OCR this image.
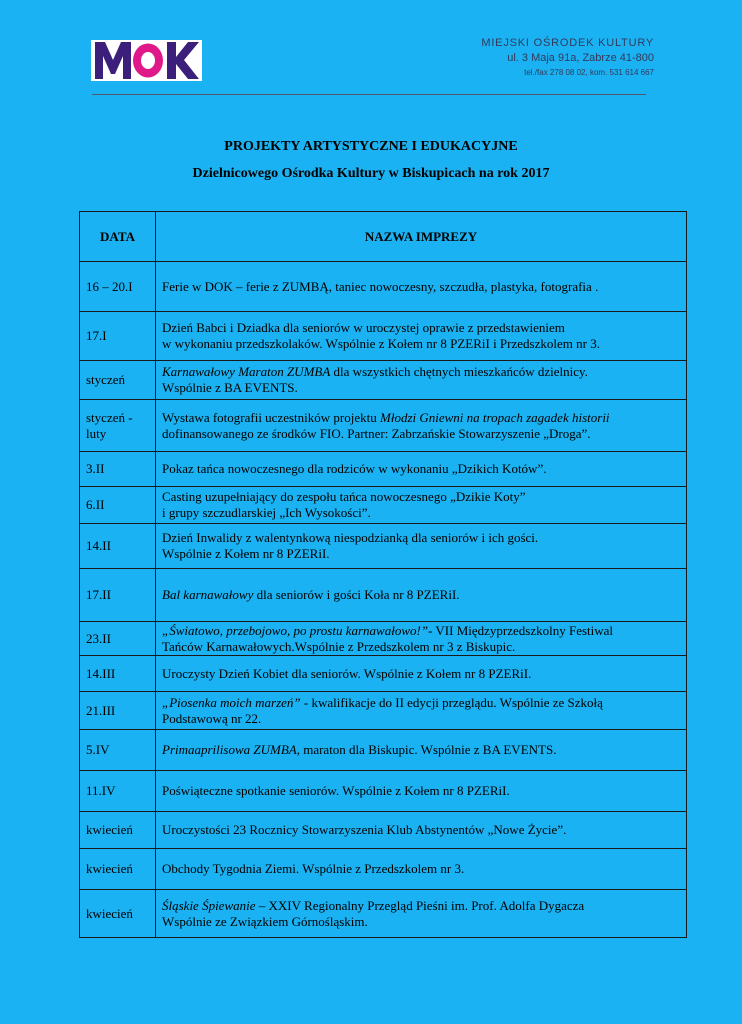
MIEJSKI OŚRODEK KULTURY
ul. 3 Maja 91a, Zabrze 41-800
tel./fax 278 08 02, kom. 531 614 667
PROJEKTY ARTYSTYCZNE I EDUKACYJNE
Dzielnicowego Ośrodka Kultury w Biskupicach na rok 2017
DATA	NAZWA IMPREZY
16 – 20.I	Ferie w DOK – ferie z ZUMBĄ, taniec nowoczesny, szczudła, plastyka, fotografia .
17.I	Dzień Babci i Dziadka dla seniorów w uroczystej oprawie z przedstawieniem
w wykonaniu przedszkolaków. Wspólnie z Kołem nr 8 PZERiI i Przedszkolem nr 3.
styczeń	Karnawałowy Maraton ZUMBA dla wszystkich chętnych mieszkańców dzielnicy.
Wspólnie z BA EVENTS.
styczeń - luty	Wystawa fotografii uczestników projektu Młodzi Gniewni na tropach zagadek historii
dofinansowanego ze środków FIO. Partner: Zabrzańskie Stowarzyszenie „Droga”.
3.II	Pokaz tańca nowoczesnego dla rodziców w wykonaniu „Dzikich Kotów”.
6.II	Casting uzupełniający do zespołu tańca nowoczesnego „Dzikie Koty”
i grupy szczudlarskiej „Ich Wysokości”.
14.II	Dzień Inwalidy z walentynkową niespodzianką dla seniorów i ich gości.
Wspólnie z Kołem nr 8 PZERiI.
17.II	Bal karnawałowy dla seniorów i gości Koła nr 8 PZERiI.
23.II	„Światowo, przebojowo, po prostu karnawałowo!”- VII Międzyprzedszkolny Festiwal
Tańców Karnawałowych.Wspólnie z Przedszkolem nr 3 z Biskupic.
14.III	Uroczysty Dzień Kobiet dla seniorów. Wspólnie z Kołem nr 8 PZERiI.
21.III	„Piosenka moich marzeń” - kwalifikacje do II edycji przeglądu. Wspólnie ze Szkołą
Podstawową nr 22.
5.IV	Primaaprilisowa ZUMBA, maraton dla Biskupic. Wspólnie z BA EVENTS.
11.IV	Poświąteczne spotkanie seniorów. Wspólnie z Kołem nr 8 PZERiI.
kwiecień	Uroczystości 23 Rocznicy Stowarzyszenia Klub Abstynentów „Nowe Życie”.
kwiecień	Obchody Tygodnia Ziemi. Wspólnie z Przedszkolem nr 3.
kwiecień	Śląskie Śpiewanie – XXIV Regionalny Przegląd Pieśni im. Prof. Adolfa Dygacza
Wspólnie ze Związkiem Górnośląskim.
